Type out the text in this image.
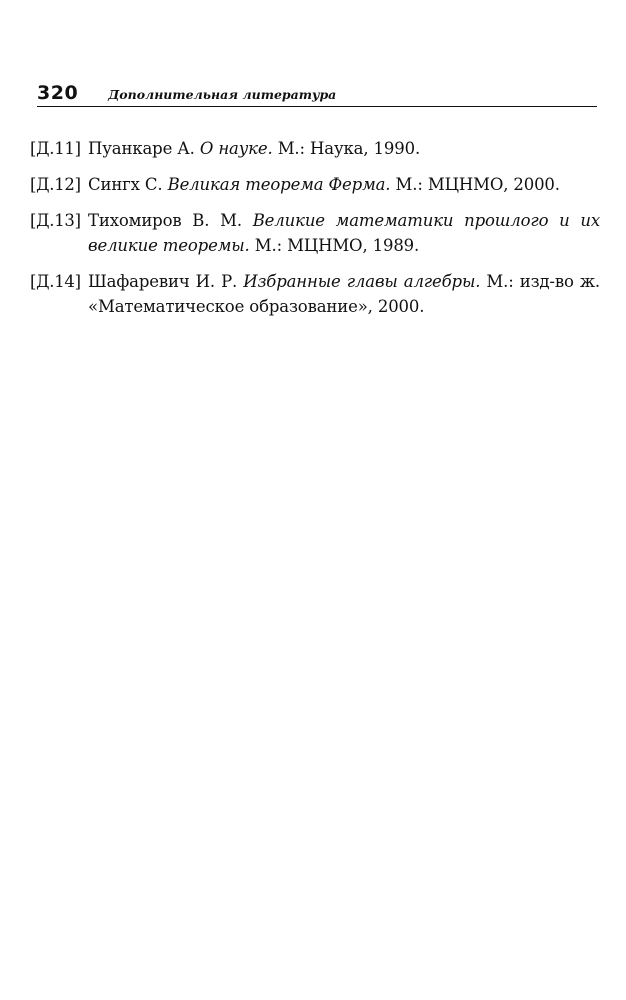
320 Дополнительная литература
[Д.11] Пуанкаре А. О науке. М.: Наука, 1990.
[Д.12] Сингх С. Великая теорема Ферма. М.: МЦНМО, 2000.
[Д.13] Тихомиров В. М. Великие математики прошлого и их великие теоремы. М.: МЦНМО, 1989.
[Д.14] Шафаревич И. Р. Избранные главы алгебры. М.: изд-во ж. «Математическое образование», 2000.
